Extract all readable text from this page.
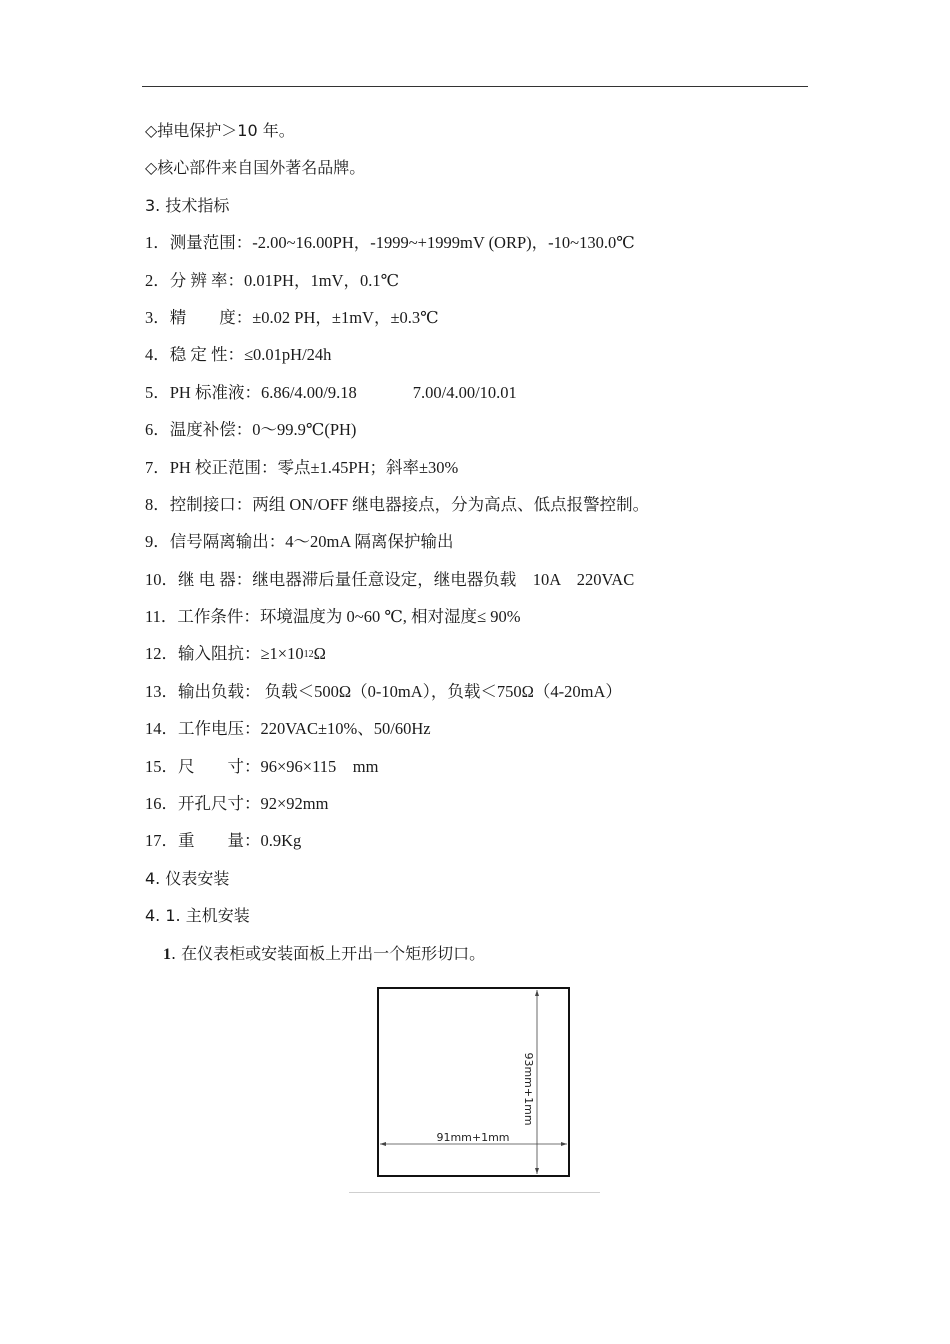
◇掉电保护＞10 年。
◇核心部件来自国外著名品牌。
3. 技术指标
1．测量范围：-2.00~16.00PH，-1999~+1999mV (ORP)，-10~130.0℃
2．分 辨 率：0.01PH，1mV，0.1℃
3．精　　度：±0.02 PH，±1mV，±0.3℃
4．稳 定 性：≤0.01pH/24h
5．PH 标准液：6.86/4.00/9.18	7.00/4.00/10.01
6．温度补偿：0～99.9℃(PH)
7．PH 校正范围：零点±1.45PH；斜率±30%
8．控制接口：两组 ON/OFF 继电器接点，分为高点、低点报警控制。
9．信号隔离输出：4～20mA 隔离保护输出
10．继 电 器：继电器滞后量任意设定，继电器负载　10A　220VAC
11．工作条件：环境温度为 0~60 ℃, 相对湿度≤ 90%
12．输入阻抗：$\ge 1\times 10^{12}\Omega$
13．输出负载： 负载＜500Ω（0-10mA），负载＜750Ω（4-20mA）
14．工作电压：220VAC±10%、50/60Hz
15．尺　　寸：96×96×115　mm
16．开孔尺寸：92×92mm
17．重　　量：0.9Kg
4. 仪表安装
4. 1. 主机安装
1. 在仪表柜或安装面板上开出一个矩形切口。
91mm+1mm
93mm+1mm
